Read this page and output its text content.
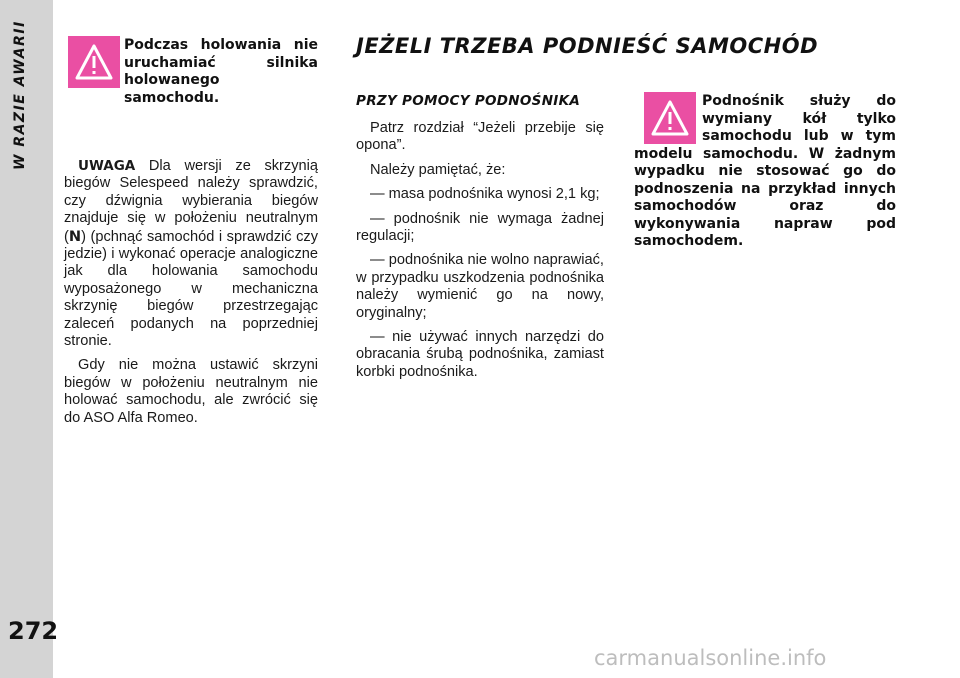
W RAZIE AWARII
272
Podczas holowania nie uruchamiać silnika holowanego samochodu.

UWAGA Dla wersji ze skrzynią biegów Selespeed należy sprawdzić, czy dźwignia wybierania biegów znajduje się w położeniu neutralnym (N) (pchnąć samochód i sprawdzić czy jedzie) i wykonać operacje analogiczne jak dla holowania samochodu wyposażonego w mechaniczna skrzynię biegów przestrzegając zaleceń podanych na poprzedniej stronie.

Gdy nie można ustawić skrzyni biegów w położeniu neutralnym nie holować samochodu, ale zwrócić się do ASO Alfa Romeo.

JEŻELI TRZEBA PODNIEŚĆ SAMOCHÓD
PRZY POMOCY PODNOŚNIKA

Patrz rozdział “Jeżeli przebije się opona”.

Należy pamiętać, że:

— masa podnośnika wynosi 2,1 kg;

— podnośnik nie wymaga żadnej regulacji;

— podnośnika nie wolno naprawiać, w przypadku uszkodzenia podnośnika należy wymienić go na nowy, oryginalny;

— nie używać innych narzędzi do obracania śrubą podnośnika, zamiast korbki podnośnika.

Podnośnik służy do wymiany kół tylko samochodu lub w tym modelu samochodu. W żadnym wypadku nie stosować go do podnoszenia na przykład innych samochodów oraz do wykonywania napraw pod samochodem.
carmanualsonline.info
